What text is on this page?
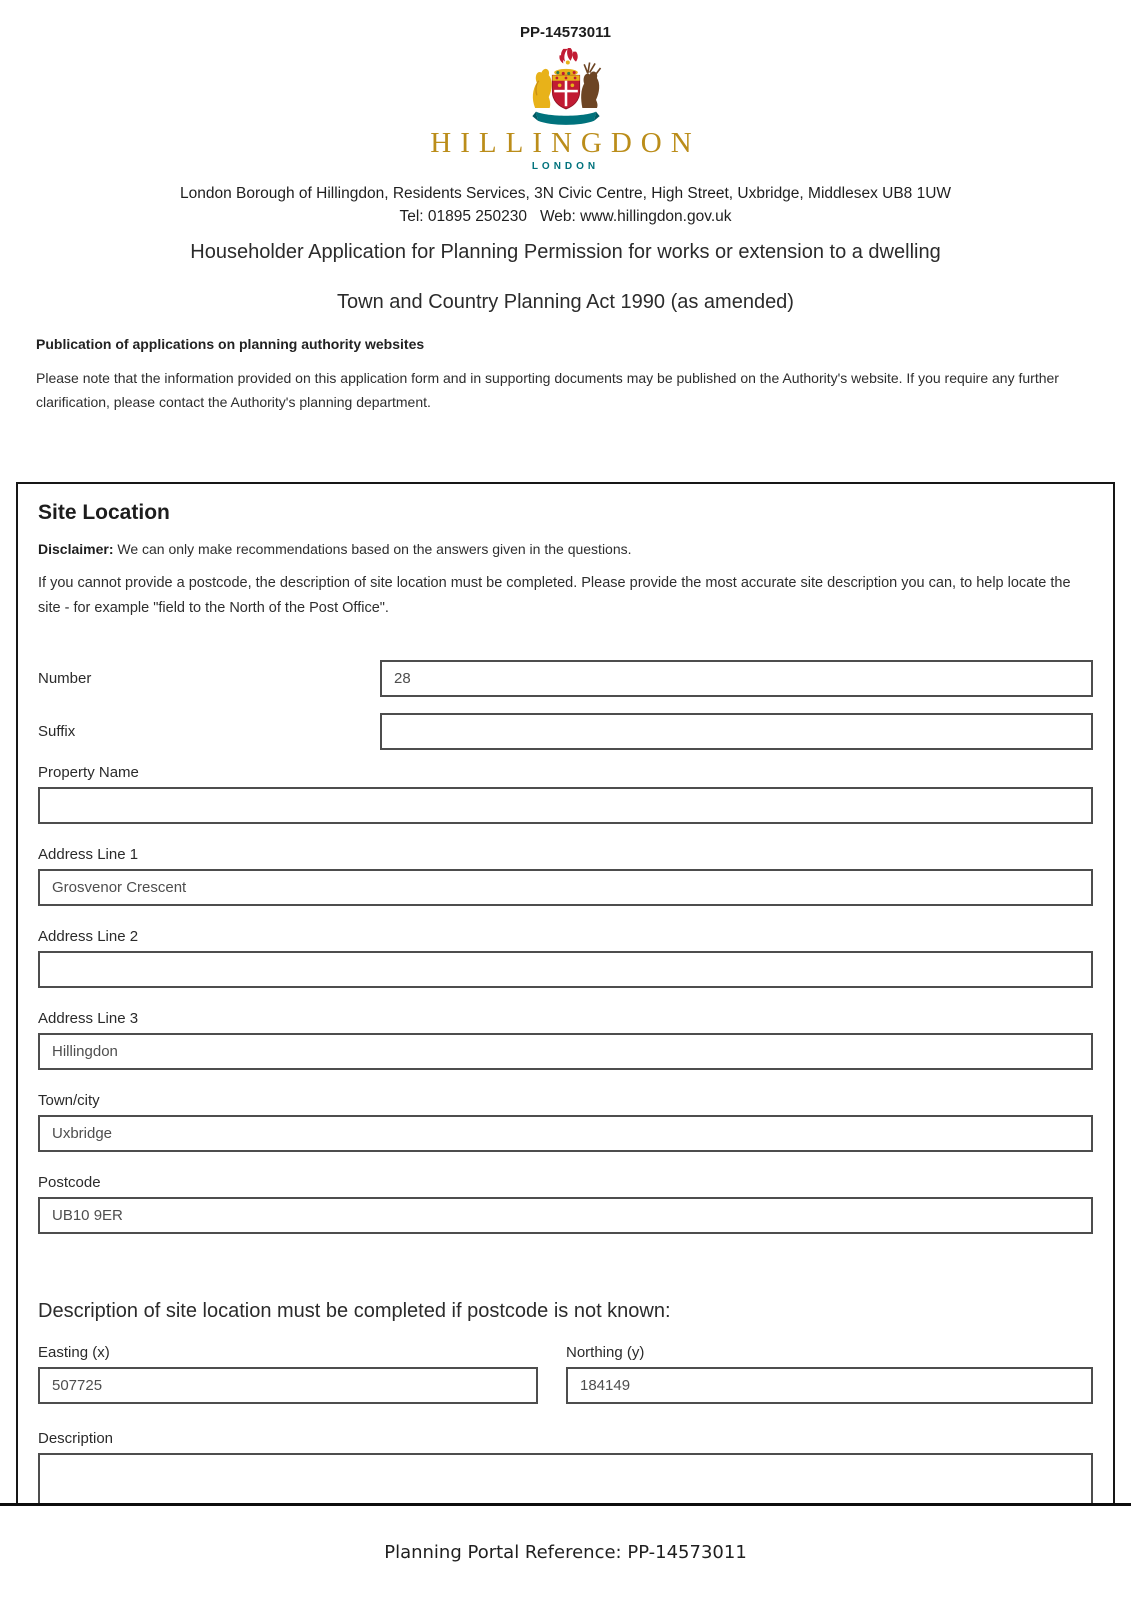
PP-14573011
HILLINGDON
LONDON
London Borough of Hillingdon, Residents Services, 3N Civic Centre, High Street, Uxbridge, Middlesex UB8 1UW
Tel: 01895 250230   Web: www.hillingdon.gov.uk
Householder Application for Planning Permission for works or extension to a dwelling
Town and Country Planning Act 1990 (as amended)
Publication of applications on planning authority websites
Please note that the information provided on this application form and in supporting documents may be published on the Authority's website. If you require any further clarification, please contact the Authority's planning department.
Site Location

Disclaimer: We can only make recommendations based on the answers given in the questions.

If you cannot provide a postcode, the description of site location must be completed. Please provide the most accurate site description you can, to help locate the site - for example "field to the North of the Post Office".

Number
28
Suffix
Property Name
Address Line 1
Grosvenor Crescent
Address Line 2
Address Line 3
Hillingdon
Town/city
Uxbridge
Postcode
UB10 9ER
Description of site location must be completed if postcode is not known:
Easting (x)
507725	Northing (y)
184149
Description
Planning Portal Reference: PP-14573011
